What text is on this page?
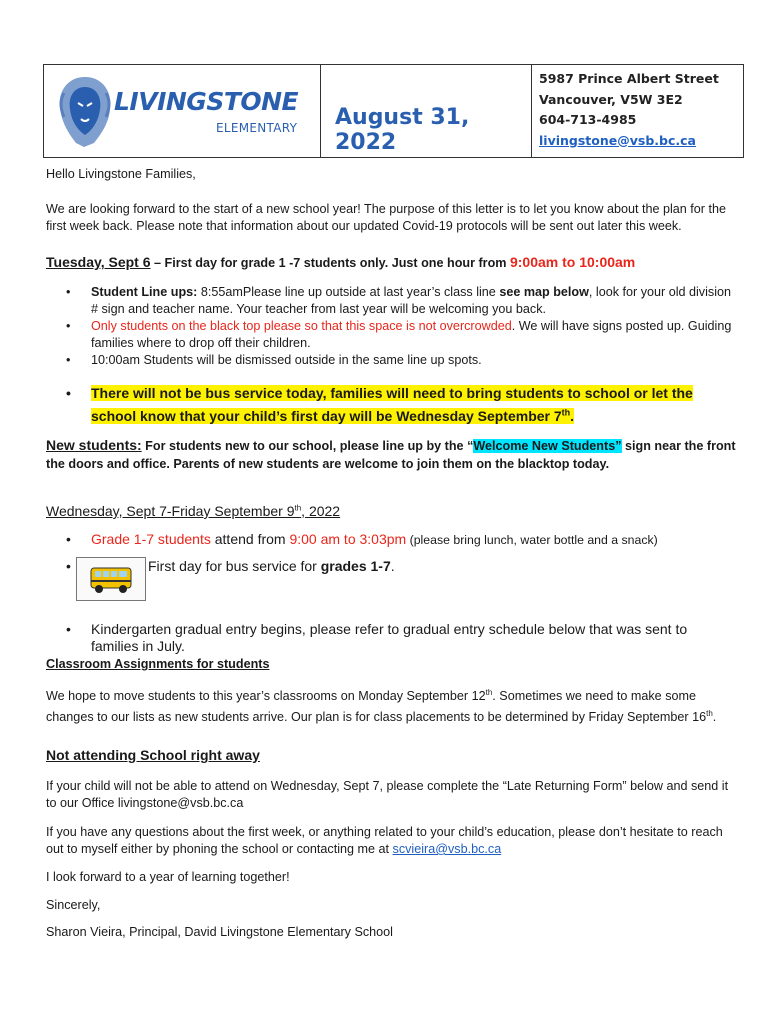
LIVINGSTONE
ELEMENTARY August 31, 2022
5987 Prince Albert Street
Vancouver, V5W 3E2
604-713-4985
livingstone@vsb.bc.ca

Hello Livingstone Families,

We are looking forward to the start of a new school year! The purpose of this letter is to let you know about the plan for the first week back. Please note that information about our updated Covid-19 protocols will be sent out later this week.

Tuesday, Sept 6 – First day for grade 1 -7 students only. Just one hour from 9:00am to 10:00am
• Student Line ups: 8:55amPlease line up outside at last year’s class line see map below, look for your old division # sign and teacher name. Your teacher from last year will be welcoming you back.
• Only students on the black top please so that this space is not overcrowded. We will have signs posted up. Guiding families where to drop off their children.
• 10:00am Students will be dismissed outside in the same line up spots.
• There will not be bus service today, families will need to bring students to school or let the school know that your child’s first day will be Wednesday September 7th.
New students: For students new to our school, please line up by the “Welcome New Students” sign near the front the doors and office. Parents of new students are welcome to join them on the blacktop today.
Wednesday, Sept 7-Friday September 9th, 2022
• Grade 1-7 students attend from 9:00 am to 3:03pm (please bring lunch, water bottle and a snack)
• First day for bus service for grades 1-7.
• Kindergarten gradual entry begins, please refer to gradual entry schedule below that was sent to families in July.
Classroom Assignments for students

We hope to move students to this year’s classrooms on Monday September 12th. Sometimes we need to make some changes to our lists as new students arrive. Our plan is for class placements to be determined by Friday September 16th.

Not attending School right away

If your child will not be able to attend on Wednesday, Sept 7, please complete the “Late Returning Form” below and send it to our Office livingstone@vsb.bc.ca

If you have any questions about the first week, or anything related to your child’s education, please don’t hesitate to reach out to myself either by phoning the school or contacting me at scvieira@vsb.bc.ca

I look forward to a year of learning together!

Sincerely,

Sharon Vieira, Principal, David Livingstone Elementary School
